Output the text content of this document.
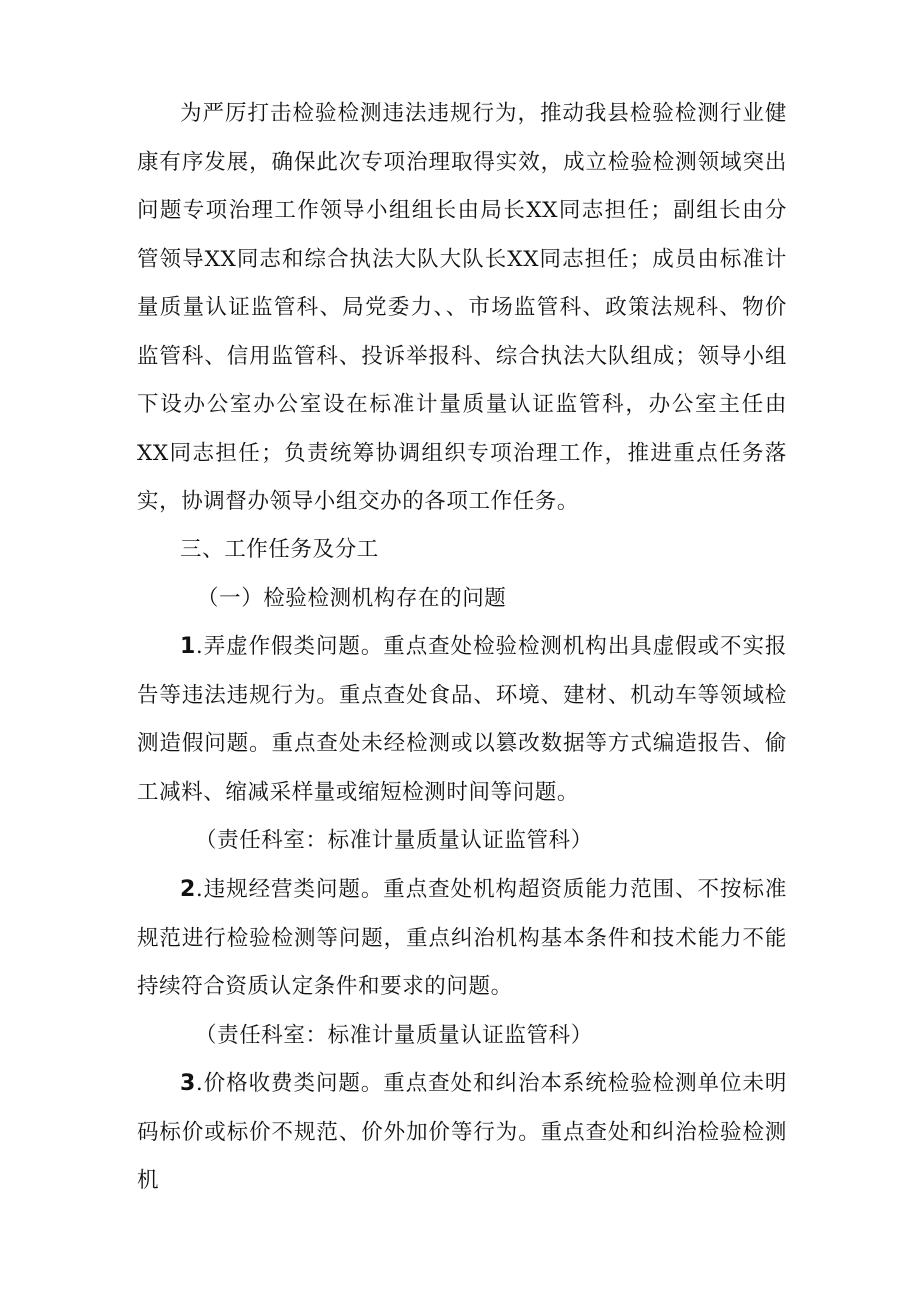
为严厉打击检验检测违法违规行为，推动我县检验检测行业健康有序发展，确保此次专项治理取得实效，成立检验检测领域突出问题专项治理工作领导小组组长由局长XX同志担任；副组长由分管领导XX同志和综合执法大队大队长XX同志担任；成员由标准计量质量认证监管科、局党委力、、市场监管科、政策法规科、物价监管科、信用监管科、投诉举报科、综合执法大队组成；领导小组下设办公室办公室设在标准计量质量认证监管科，办公室主任由XX同志担任；负责统筹协调组织专项治理工作，推进重点任务落实，协调督办领导小组交办的各项工作任务。

三、工作任务及分工

（一）检验检测机构存在的问题

1.弄虚作假类问题。重点查处检验检测机构出具虚假或不实报告等违法违规行为。重点查处食品、环境、建材、机动车等领域检测造假问题。重点查处未经检测或以篡改数据等方式编造报告、偷工减料、缩减采样量或缩短检测时间等问题。

（责任科室：标准计量质量认证监管科）

2.违规经营类问题。重点查处机构超资质能力范围、不按标准规范进行检验检测等问题，重点纠治机构基本条件和技术能力不能持续符合资质认定条件和要求的问题。

（责任科室：标准计量质量认证监管科）

3.价格收费类问题。重点查处和纠治本系统检验检测单位未明码标价或标价不规范、价外加价等行为。重点查处和纠治检验检测机
